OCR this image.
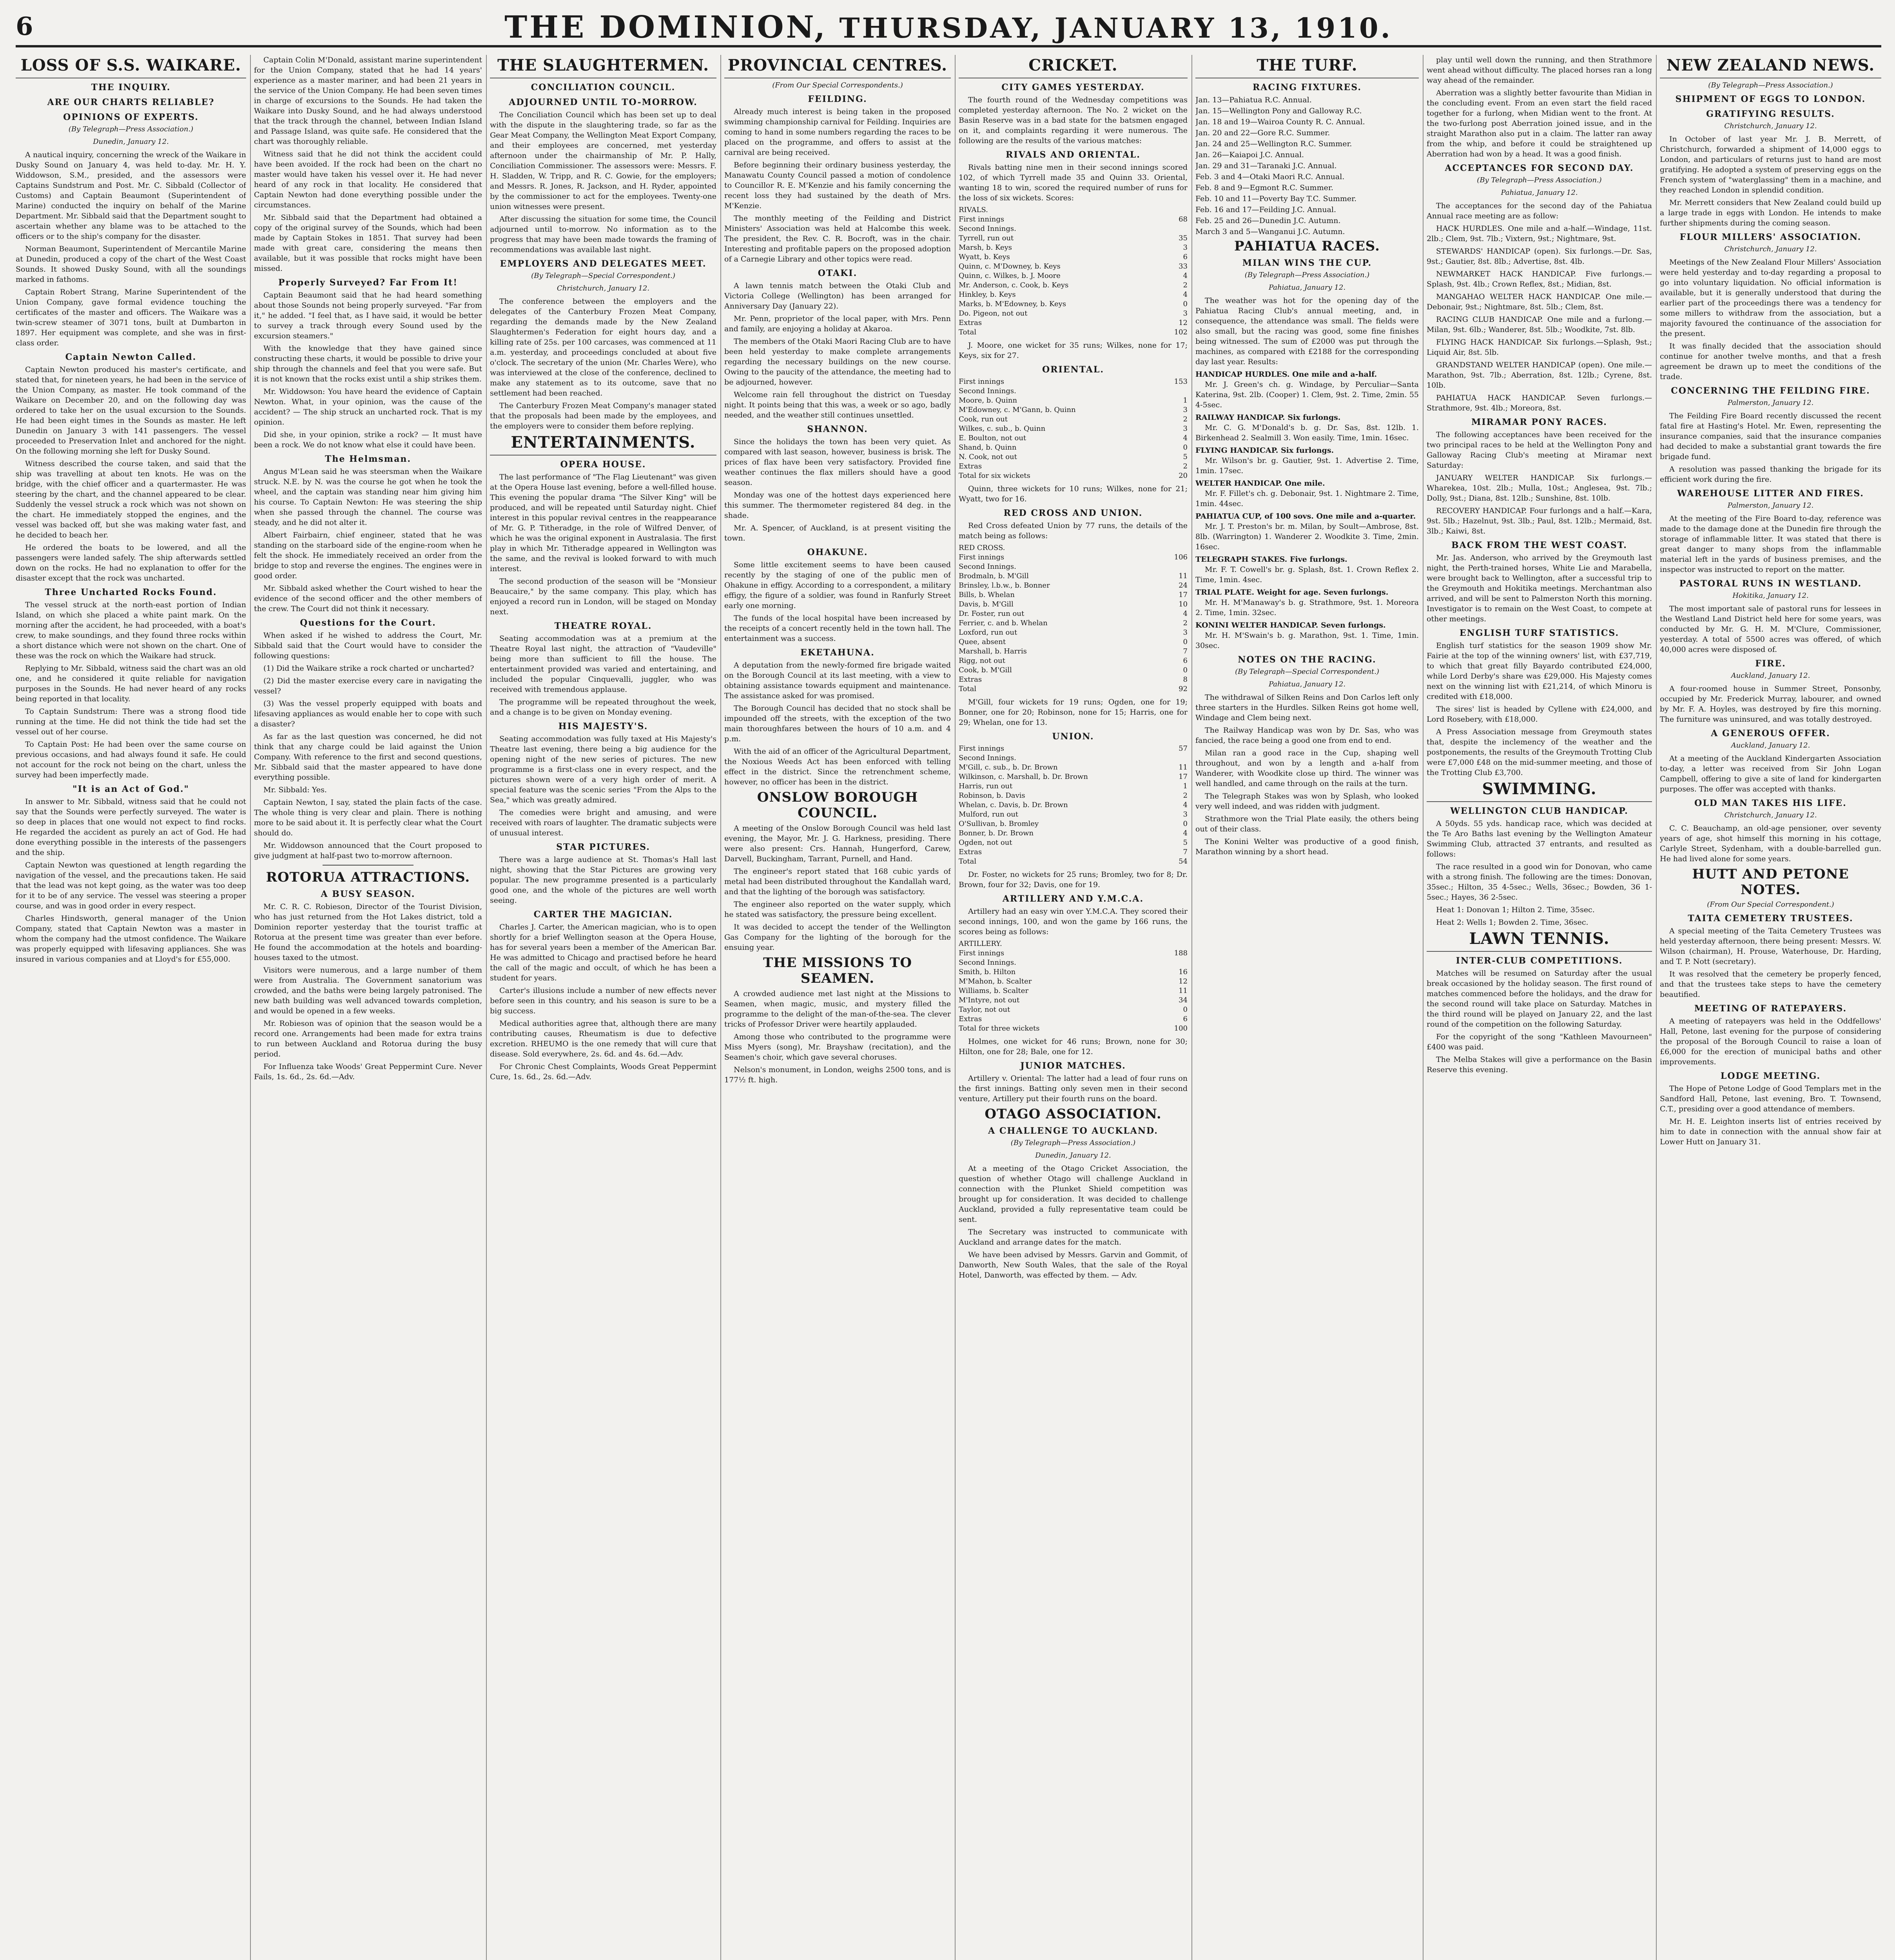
6	THE DOMINION, THURSDAY, JANUARY 13, 1910.
LOSS OF S.S. WAIKARE.
THE INQUIRY.
ARE OUR CHARTS RELIABLE?
OPINIONS OF EXPERTS.
(By Telegraph—Press Association.)
Dunedin, January 12.

A nautical inquiry, concerning the wreck of the Waikare in Dusky Sound on January 4, was held to-day. Mr. H. Y. Widdowson, S.M., presided, and the assessors were Captains Sundstrum and Post. Mr. C. Sibbald (Collector of Customs) and Captain Beaumont (Superintendent of Marine) conducted the inquiry on behalf of the Marine Department. Mr. Sibbald said that the Department sought to ascertain whether any blame was to be attached to the officers or to the ship's company for the disaster.

Norman Beaumont, Superintendent of Mercantile Marine at Dunedin, produced a copy of the chart of the West Coast Sounds. It showed Dusky Sound, with all the soundings marked in fathoms.

Captain Robert Strang, Marine Superintendent of the Union Company, gave formal evidence touching the certificates of the master and officers. The Waikare was a twin-screw steamer of 3071 tons, built at Dumbarton in 1897. Her equipment was complete, and she was in first-class order.

Captain Newton Called.

Captain Newton produced his master's certificate, and stated that, for nineteen years, he had been in the service of the Union Company, as master. He took command of the Waikare on December 20, and on the following day was ordered to take her on the usual excursion to the Sounds. He had been eight times in the Sounds as master. He left Dunedin on January 3 with 141 passengers. The vessel proceeded to Preservation Inlet and anchored for the night. On the following morning she left for Dusky Sound.

Witness described the course taken, and said that the ship was travelling at about ten knots. He was on the bridge, with the chief officer and a quartermaster. He was steering by the chart, and the channel appeared to be clear. Suddenly the vessel struck a rock which was not shown on the chart. He immediately stopped the engines, and the vessel was backed off, but she was making water fast, and he decided to beach her.

He ordered the boats to be lowered, and all the passengers were landed safely. The ship afterwards settled down on the rocks. He had no explanation to offer for the disaster except that the rock was uncharted.

Three Uncharted Rocks Found.

The vessel struck at the north-east portion of Indian Island, on which she placed a white paint mark. On the morning after the accident, he had proceeded, with a boat's crew, to make soundings, and they found three rocks within a short distance which were not shown on the chart. One of these was the rock on which the Waikare had struck.

Replying to Mr. Sibbald, witness said the chart was an old one, and he considered it quite reliable for navigation purposes in the Sounds. He had never heard of any rocks being reported in that locality.

To Captain Sundstrum: There was a strong flood tide running at the time. He did not think the tide had set the vessel out of her course.

To Captain Post: He had been over the same course on previous occasions, and had always found it safe. He could not account for the rock not being on the chart, unless the survey had been imperfectly made.

"It is an Act of God."

In answer to Mr. Sibbald, witness said that he could not say that the Sounds were perfectly surveyed. The water is so deep in places that one would not expect to find rocks. He regarded the accident as purely an act of God. He had done everything possible in the interests of the passengers and the ship.

Captain Newton was questioned at length regarding the navigation of the vessel, and the precautions taken. He said that the lead was not kept going, as the water was too deep for it to be of any service. The vessel was steering a proper course, and was in good order in every respect.

Charles Hindsworth, general manager of the Union Company, stated that Captain Newton was a master in whom the company had the utmost confidence. The Waikare was properly equipped with lifesaving appliances. She was insured in various companies and at Lloyd's for £55,000.

Captain Colin M'Donald, assistant marine superintendent for the Union Company, stated that he had 14 years' experience as a master mariner, and had been 21 years in the service of the Union Company. He had been seven times in charge of excursions to the Sounds. He had taken the Waikare into Dusky Sound, and he had always understood that the track through the channel, between Indian Island and Passage Island, was quite safe. He considered that the chart was thoroughly reliable.

Witness said that he did not think the accident could have been avoided. If the rock had been on the chart no master would have taken his vessel over it. He had never heard of any rock in that locality. He considered that Captain Newton had done everything possible under the circumstances.

Mr. Sibbald said that the Department had obtained a copy of the original survey of the Sounds, which had been made by Captain Stokes in 1851. That survey had been made with great care, considering the means then available, but it was possible that rocks might have been missed.

Properly Surveyed? Far From It!

Captain Beaumont said that he had heard something about those Sounds not being properly surveyed. "Far from it," he added. "I feel that, as I have said, it would be better to survey a track through every Sound used by the excursion steamers."

With the knowledge that they have gained since constructing these charts, it would be possible to drive your ship through the channels and feel that you were safe. But it is not known that the rocks exist until a ship strikes them.

Mr. Widdowson: You have heard the evidence of Captain Newton. What, in your opinion, was the cause of the accident? — The ship struck an uncharted rock. That is my opinion.

Did she, in your opinion, strike a rock? — It must have been a rock. We do not know what else it could have been.

The Helmsman.

Angus M'Lean said he was steersman when the Waikare struck. N.E. by N. was the course he got when he took the wheel, and the captain was standing near him giving him his course. To Captain Newton: He was steering the ship when she passed through the channel. The course was steady, and he did not alter it.

Albert Fairbairn, chief engineer, stated that he was standing on the starboard side of the engine-room when he felt the shock. He immediately received an order from the bridge to stop and reverse the engines. The engines were in good order.

Mr. Sibbald asked whether the Court wished to hear the evidence of the second officer and the other members of the crew. The Court did not think it necessary.

Questions for the Court.

When asked if he wished to address the Court, Mr. Sibbald said that the Court would have to consider the following questions:

(1) Did the Waikare strike a rock charted or uncharted?

(2) Did the master exercise every care in navigating the vessel?

(3) Was the vessel properly equipped with boats and lifesaving appliances as would enable her to cope with such a disaster?

As far as the last question was concerned, he did not think that any charge could be laid against the Union Company. With reference to the first and second questions, Mr. Sibbald said that the master appeared to have done everything possible.

Mr. Sibbald: Yes.

Captain Newton, I say, stated the plain facts of the case. The whole thing is very clear and plain. There is nothing more to be said about it. It is perfectly clear what the Court should do.

Mr. Widdowson announced that the Court proposed to give judgment at half-past two to-morrow afternoon.

ROTORUA ATTRACTIONS.
A BUSY SEASON.

Mr. C. R. C. Robieson, Director of the Tourist Division, who has just returned from the Hot Lakes district, told a Dominion reporter yesterday that the tourist traffic at Rotorua at the present time was greater than ever before. He found the accommodation at the hotels and boarding-houses taxed to the utmost.

Visitors were numerous, and a large number of them were from Australia. The Government sanatorium was crowded, and the baths were being largely patronised. The new bath building was well advanced towards completion, and would be opened in a few weeks.

Mr. Robieson was of opinion that the season would be a record one. Arrangements had been made for extra trains to run between Auckland and Rotorua during the busy period.

For Influenza take Woods' Great Peppermint Cure. Never Fails, 1s. 6d., 2s. 6d.—Adv.

THE SLAUGHTERMEN.
CONCILIATION COUNCIL.
ADJOURNED UNTIL TO-MORROW.

The Conciliation Council which has been set up to deal with the dispute in the slaughtering trade, so far as the Gear Meat Company, the Wellington Meat Export Company, and their employees are concerned, met yesterday afternoon under the chairmanship of Mr. P. Hally, Conciliation Commissioner. The assessors were: Messrs. F. H. Sladden, W. Tripp, and R. C. Gowie, for the employers; and Messrs. R. Jones, R. Jackson, and H. Ryder, appointed by the commissioner to act for the employees. Twenty-one union witnesses were present.

After discussing the situation for some time, the Council adjourned until to-morrow. No information as to the progress that may have been made towards the framing of recommendations was available last night.

EMPLOYERS AND DELEGATES MEET.
(By Telegraph—Special Correspondent.)
Christchurch, January 12.

The conference between the employers and the delegates of the Canterbury Frozen Meat Company, regarding the demands made by the New Zealand Slaughtermen's Federation for eight hours day, and a killing rate of 25s. per 100 carcases, was commenced at 11 a.m. yesterday, and proceedings concluded at about five o'clock. The secretary of the union (Mr. Charles Were), who was interviewed at the close of the conference, declined to make any statement as to its outcome, save that no settlement had been reached.

The Canterbury Frozen Meat Company's manager stated that the proposals had been made by the employees, and the employers were to consider them before replying.

ENTERTAINMENTS.
OPERA HOUSE.

The last performance of "The Flag Lieutenant" was given at the Opera House last evening, before a well-filled house. This evening the popular drama "The Silver King" will be produced, and will be repeated until Saturday night. Chief interest in this popular revival centres in the reappearance of Mr. G. P. Titheradge, in the role of Wilfred Denver, of which he was the original exponent in Australasia. The first play in which Mr. Titheradge appeared in Wellington was the same, and the revival is looked forward to with much interest.

The second production of the season will be "Monsieur Beaucaire," by the same company. This play, which has enjoyed a record run in London, will be staged on Monday next.

THEATRE ROYAL.

Seating accommodation was at a premium at the Theatre Royal last night, the attraction of "Vaudeville" being more than sufficient to fill the house. The entertainment provided was varied and entertaining, and included the popular Cinquevalli, juggler, who was received with tremendous applause.

The programme will be repeated throughout the week, and a change is to be given on Monday evening.

HIS MAJESTY'S.

Seating accommodation was fully taxed at His Majesty's Theatre last evening, there being a big audience for the opening night of the new series of pictures. The new programme is a first-class one in every respect, and the pictures shown were of a very high order of merit. A special feature was the scenic series "From the Alps to the Sea," which was greatly admired.

The comedies were bright and amusing, and were received with roars of laughter. The dramatic subjects were of unusual interest.

STAR PICTURES.

There was a large audience at St. Thomas's Hall last night, showing that the Star Pictures are growing very popular. The new programme presented is a particularly good one, and the whole of the pictures are well worth seeing.

CARTER THE MAGICIAN.

Charles J. Carter, the American magician, who is to open shortly for a brief Wellington season at the Opera House, has for several years been a member of the American Bar. He was admitted to Chicago and practised before he heard the call of the magic and occult, of which he has been a student for years.

Carter's illusions include a number of new effects never before seen in this country, and his season is sure to be a big success.

Medical authorities agree that, although there are many contributing causes, Rheumatism is due to defective excretion. RHEUMO is the one remedy that will cure that disease. Sold everywhere, 2s. 6d. and 4s. 6d.—Adv.

For Chronic Chest Complaints, Woods Great Peppermint Cure, 1s. 6d., 2s. 6d.—Adv.

PROVINCIAL CENTRES.
(From Our Special Correspondents.)
FEILDING.

Already much interest is being taken in the proposed swimming championship carnival for Feilding. Inquiries are coming to hand in some numbers regarding the races to be placed on the programme, and offers to assist at the carnival are being received.

Before beginning their ordinary business yesterday, the Manawatu County Council passed a motion of condolence to Councillor R. E. M'Kenzie and his family concerning the recent loss they had sustained by the death of Mrs. M'Kenzie.

The monthly meeting of the Feilding and District Ministers' Association was held at Halcombe this week. The president, the Rev. C. R. Bocroft, was in the chair. Interesting and profitable papers on the proposed adoption of a Carnegie Library and other topics were read.

OTAKI.

A lawn tennis match between the Otaki Club and Victoria College (Wellington) has been arranged for Anniversary Day (January 22).

Mr. Penn, proprietor of the local paper, with Mrs. Penn and family, are enjoying a holiday at Akaroa.

The members of the Otaki Maori Racing Club are to have been held yesterday to make complete arrangements regarding the necessary buildings on the new course. Owing to the paucity of the attendance, the meeting had to be adjourned, however.

Welcome rain fell throughout the district on Tuesday night. It points being that this was, a week or so ago, badly needed, and the weather still continues unsettled.

SHANNON.

Since the holidays the town has been very quiet. As compared with last season, however, business is brisk. The prices of flax have been very satisfactory. Provided fine weather continues the flax millers should have a good season.

Monday was one of the hottest days experienced here this summer. The thermometer registered 84 deg. in the shade.

Mr. A. Spencer, of Auckland, is at present visiting the town.

OHAKUNE.

Some little excitement seems to have been caused recently by the staging of one of the public men of Ohakune in effigy. According to a correspondent, a military effigy, the figure of a soldier, was found in Ranfurly Street early one morning.

The funds of the local hospital have been increased by the receipts of a concert recently held in the town hall. The entertainment was a success.

EKETAHUNA.

A deputation from the newly-formed fire brigade waited on the Borough Council at its last meeting, with a view to obtaining assistance towards equipment and maintenance. The assistance asked for was promised.

The Borough Council has decided that no stock shall be impounded off the streets, with the exception of the two main thoroughfares between the hours of 10 a.m. and 4 p.m.

With the aid of an officer of the Agricultural Department, the Noxious Weeds Act has been enforced with telling effect in the district. Since the retrenchment scheme, however, no officer has been in the district.

ONSLOW BOROUGH COUNCIL.

A meeting of the Onslow Borough Council was held last evening, the Mayor, Mr. J. G. Harkness, presiding. There were also present: Crs. Hannah, Hungerford, Carew, Darvell, Buckingham, Tarrant, Purnell, and Hand.

The engineer's report stated that 168 cubic yards of metal had been distributed throughout the Kandallah ward, and that the lighting of the borough was satisfactory.

The engineer also reported on the water supply, which he stated was satisfactory, the pressure being excellent.

It was decided to accept the tender of the Wellington Gas Company for the lighting of the borough for the ensuing year.

THE MISSIONS TO SEAMEN.

A crowded audience met last night at the Missions to Seamen, when magic, music, and mystery filled the programme to the delight of the man-of-the-sea. The clever tricks of Professor Driver were heartily applauded.

Among those who contributed to the programme were Miss Myers (song), Mr. Brayshaw (recitation), and the Seamen's choir, which gave several choruses.

Nelson's monument, in London, weighs 2500 tons, and is 177½ ft. high.

CRICKET.
CITY GAMES YESTERDAY.

The fourth round of the Wednesday competitions was completed yesterday afternoon. The No. 2 wicket on the Basin Reserve was in a bad state for the batsmen engaged on it, and complaints regarding it were numerous. The following are the results of the various matches:

RIVALS AND ORIENTAL.

Rivals batting nine men in their second innings scored 102, of which Tyrrell made 35 and Quinn 33. Oriental, wanting 18 to win, scored the required number of runs for the loss of six wickets. Scores:

RIVALS.	
First innings	68
Second Innings.	
Tyrrell, run out	35
Marsh, b. Keys	3
Wyatt, b. Keys	6
Quinn, c. M'Downey, b. Keys	33
Quinn, c. Wilkes, b. J. Moore	4
Mr. Anderson, c. Cook, b. Keys	2
Hinkley, b. Keys	4
Marks, b. M'Edowney, b. Keys	0
Do. Pigeon, not out	3
Extras	12
Total	102

J. Moore, one wicket for 35 runs; Wilkes, none for 17; Keys, six for 27.

ORIENTAL.
First innings	153
Second Innings.	
Moore, b. Quinn	1
M'Edowney, c. M'Gann, b. Quinn	3
Cook, run out	2
Wilkes, c. sub., b. Quinn	3
E. Boulton, not out	4
Shand, b. Quinn	0
N. Cook, not out	5
Extras	2
Total for six wickets	20

Quinn, three wickets for 10 runs; Wilkes, none for 21; Wyatt, two for 16.

RED CROSS AND UNION.

Red Cross defeated Union by 77 runs, the details of the match being as follows:

RED CROSS.	
First innings	106
Second Innings.	
Brodmaln, b. M'Gill	11
Brinsley, l.b.w., b. Bonner	24
Bills, b. Whelan	17
Davis, b. M'Gill	10
Dr. Foster, run out	4
Ferrier, c. and b. Whelan	2
Loxford, run out	3
Quee, absent	0
Marshall, b. Harris	7
Rigg, not out	6
Cook, b. M'Gill	0
Extras	8
Total	92

M'Gill, four wickets for 19 runs; Ogden, one for 19; Bonner, one for 20; Robinson, none for 15; Harris, one for 29; Whelan, one for 13.

UNION.
First innings	57
Second Innings.	
M'Gill, c. sub., b. Dr. Brown	11
Wilkinson, c. Marshall, b. Dr. Brown	17
Harris, run out	1
Robinson, b. Davis	2
Whelan, c. Davis, b. Dr. Brown	4
Mulford, run out	3
O'Sullivan, b. Bromley	0
Bonner, b. Dr. Brown	4
Ogden, not out	5
Extras	7
Total	54

Dr. Foster, no wickets for 25 runs; Bromley, two for 8; Dr. Brown, four for 32; Davis, one for 19.

ARTILLERY AND Y.M.C.A.

Artillery had an easy win over Y.M.C.A. They scored their second innings, 100, and won the game by 166 runs, the scores being as follows:

ARTILLERY.	
First innings	188
Second Innings.	
Smith, b. Hilton	16
M'Mahon, b. Scalter	12
Williams, b. Scalter	11
M'Intyre, not out	34
Taylor, not out	0
Extras	6
Total for three wickets	100

Holmes, one wicket for 46 runs; Brown, none for 30; Hilton, one for 28; Bale, one for 12.

JUNIOR MATCHES.

Artillery v. Oriental: The latter had a lead of four runs on the first innings. Batting only seven men in their second venture, Artillery put their fourth runs on the board.

OTAGO ASSOCIATION.
A CHALLENGE TO AUCKLAND.
(By Telegraph—Press Association.)
Dunedin, January 12.

At a meeting of the Otago Cricket Association, the question of whether Otago will challenge Auckland in connection with the Plunket Shield competition was brought up for consideration. It was decided to challenge Auckland, provided a fully representative team could be sent.

The Secretary was instructed to communicate with Auckland and arrange dates for the match.

We have been advised by Messrs. Garvin and Gommit, of Danworth, New South Wales, that the sale of the Royal Hotel, Danworth, was effected by them. — Adv.

THE TURF.
RACING FIXTURES.
Jan. 13—Pahiatua R.C. Annual.
Jan. 15—Wellington Pony and Galloway R.C.
Jan. 18 and 19—Wairoa County R. C. Annual.
Jan. 20 and 22—Gore R.C. Summer.
Jan. 24 and 25—Wellington R.C. Summer.
Jan. 26—Kaiapoi J.C. Annual.
Jan. 29 and 31—Taranaki J.C. Annual.
Feb. 3 and 4—Otaki Maori R.C. Annual.
Feb. 8 and 9—Egmont R.C. Summer.
Feb. 10 and 11—Poverty Bay T.C. Summer.
Feb. 16 and 17—Feilding J.C. Annual.
Feb. 25 and 26—Dunedin J.C. Autumn.
March 3 and 5—Wanganui J.C. Autumn.
PAHIATUA RACES.
MILAN WINS THE CUP.
(By Telegraph—Press Association.)
Pahiatua, January 12.

The weather was hot for the opening day of the Pahiatua Racing Club's annual meeting, and, in consequence, the attendance was small. The fields were also small, but the racing was good, some fine finishes being witnessed. The sum of £2000 was put through the machines, as compared with £2188 for the corresponding day last year. Results:

HANDICAP HURDLES. One mile and a-half.

Mr. J. Green's ch. g. Windage, by Perculiar—Santa Katerina, 9st. 2lb. (Cooper) 1. Clem, 9st. 2. Time, 2min. 55 4-5sec.

RAILWAY HANDICAP. Six furlongs.

Mr. C. G. M'Donald's b. g. Dr. Sas, 8st. 12lb. 1. Birkenhead 2. Sealmill 3. Won easily. Time, 1min. 16sec.

FLYING HANDICAP. Six furlongs.

Mr. Wilson's br. g. Gautier, 9st. 1. Advertise 2. Time, 1min. 17sec.

WELTER HANDICAP. One mile.

Mr. F. Fillet's ch. g. Debonair, 9st. 1. Nightmare 2. Time, 1min. 44sec.

PAHIATUA CUP, of 100 sovs. One mile and a-quarter.

Mr. J. T. Preston's br. m. Milan, by Soult—Ambrose, 8st. 8lb. (Warrington) 1. Wanderer 2. Woodkite 3. Time, 2min. 16sec.

TELEGRAPH STAKES. Five furlongs.

Mr. F. T. Cowell's br. g. Splash, 8st. 1. Crown Reflex 2. Time, 1min. 4sec.

TRIAL PLATE. Weight for age. Seven furlongs.

Mr. H. M'Manaway's b. g. Strathmore, 9st. 1. Moreora 2. Time, 1min. 32sec.

KONINI WELTER HANDICAP. Seven furlongs.

Mr. H. M'Swain's b. g. Marathon, 9st. 1. Time, 1min. 30sec.

NOTES ON THE RACING.
(By Telegraph—Special Correspondent.)
Pahiatua, January 12.

The withdrawal of Silken Reins and Don Carlos left only three starters in the Hurdles. Silken Reins got home well, Windage and Clem being next.

The Railway Handicap was won by Dr. Sas, who was fancied, the race being a good one from end to end.

Milan ran a good race in the Cup, shaping well throughout, and won by a length and a-half from Wanderer, with Woodkite close up third. The winner was well handled, and came through on the rails at the turn.

The Telegraph Stakes was won by Splash, who looked very well indeed, and was ridden with judgment.

Strathmore won the Trial Plate easily, the others being out of their class.

The Konini Welter was productive of a good finish, Marathon winning by a short head.

play until well down the running, and then Strathmore went ahead without difficulty. The placed horses ran a long way ahead of the remainder.

Aberration was a slightly better favourite than Midian in the concluding event. From an even start the field raced together for a furlong, when Midian went to the front. At the two-furlong post Aberration joined issue, and in the straight Marathon also put in a claim. The latter ran away from the whip, and before it could be straightened up Aberration had won by a head. It was a good finish.

ACCEPTANCES FOR SECOND DAY.
(By Telegraph—Press Association.)
Pahiatua, January 12.

The acceptances for the second day of the Pahiatua Annual race meeting are as follow:

HACK HURDLES. One mile and a-half.—Windage, 11st. 2lb.; Clem, 9st. 7lb.; Vixtern, 9st.; Nightmare, 9st.

STEWARDS' HANDICAP (open). Six furlongs.—Dr. Sas, 9st.; Gautier, 8st. 8lb.; Advertise, 8st. 4lb.

NEWMARKET HACK HANDICAP. Five furlongs.—Splash, 9st. 4lb.; Crown Reflex, 8st.; Midian, 8st.

MANGAHAO WELTER HACK HANDICAP. One mile.—Debonair, 9st.; Nightmare, 8st. 5lb.; Clem, 8st.

RACING CLUB HANDICAP. One mile and a furlong.—Milan, 9st. 6lb.; Wanderer, 8st. 5lb.; Woodkite, 7st. 8lb.

FLYING HACK HANDICAP. Six furlongs.—Splash, 9st.; Liquid Air, 8st. 5lb.

GRANDSTAND WELTER HANDICAP (open). One mile.—Marathon, 9st. 7lb.; Aberration, 8st. 12lb.; Cyrene, 8st. 10lb.

PAHIATUA HACK HANDICAP. Seven furlongs.—Strathmore, 9st. 4lb.; Moreora, 8st.

MIRAMAR PONY RACES.

The following acceptances have been received for the two principal races to be held at the Wellington Pony and Galloway Racing Club's meeting at Miramar next Saturday:

JANUARY WELTER HANDICAP. Six furlongs.—Wharekea, 10st. 2lb.; Mulla, 10st.; Anglesea, 9st. 7lb.; Dolly, 9st.; Diana, 8st. 12lb.; Sunshine, 8st. 10lb.

RECOVERY HANDICAP. Four furlongs and a half.—Kara, 9st. 5lb.; Hazelnut, 9st. 3lb.; Paul, 8st. 12lb.; Mermaid, 8st. 3lb.; Kaiwi, 8st.

BACK FROM THE WEST COAST.

Mr. Jas. Anderson, who arrived by the Greymouth last night, the Perth-trained horses, White Lie and Marabella, were brought back to Wellington, after a successful trip to the Greymouth and Hokitika meetings. Merchantman also arrived, and will be sent to Palmerston North this morning. Investigator is to remain on the West Coast, to compete at other meetings.

ENGLISH TURF STATISTICS.

English turf statistics for the season 1909 show Mr. Fairie at the top of the winning owners' list, with £37,719, to which that great filly Bayardo contributed £24,000, while Lord Derby's share was £29,000. His Majesty comes next on the winning list with £21,214, of which Minoru is credited with £18,000.

The sires' list is headed by Cyllene with £24,000, and Lord Rosebery, with £18,000.

A Press Association message from Greymouth states that, despite the inclemency of the weather and the postponements, the results of the Greymouth Trotting Club were £7,000 £48 on the mid-summer meeting, and those of the Trotting Club £3,700.

SWIMMING.
WELLINGTON CLUB HANDICAP.

A 50yds. 55 yds. handicap race, which was decided at the Te Aro Baths last evening by the Wellington Amateur Swimming Club, attracted 37 entrants, and resulted as follows:

The race resulted in a good win for Donovan, who came with a strong finish. The following are the times: Donovan, 35sec.; Hilton, 35 4-5sec.; Wells, 36sec.; Bowden, 36 1-5sec.; Hayes, 36 2-5sec.

Heat 1: Donovan 1; Hilton 2. Time, 35sec.

Heat 2: Wells 1; Bowden 2. Time, 36sec.

LAWN TENNIS.
INTER-CLUB COMPETITIONS.

Matches will be resumed on Saturday after the usual break occasioned by the holiday season. The first round of matches commenced before the holidays, and the draw for the second round will take place on Saturday. Matches in the third round will be played on January 22, and the last round of the competition on the following Saturday.

For the copyright of the song "Kathleen Mavourneen" £400 was paid.

The Melba Stakes will give a performance on the Basin Reserve this evening.

NEW ZEALAND NEWS.
(By Telegraph—Press Association.)
SHIPMENT OF EGGS TO LONDON.
GRATIFYING RESULTS.
Christchurch, January 12.

In October of last year Mr. J. B. Merrett, of Christchurch, forwarded a shipment of 14,000 eggs to London, and particulars of returns just to hand are most gratifying. He adopted a system of preserving eggs on the French system of "waterglassing" them in a machine, and they reached London in splendid condition.

Mr. Merrett considers that New Zealand could build up a large trade in eggs with London. He intends to make further shipments during the coming season.

FLOUR MILLERS' ASSOCIATION.
Christchurch, January 12.

Meetings of the New Zealand Flour Millers' Association were held yesterday and to-day regarding a proposal to go into voluntary liquidation. No official information is available, but it is generally understood that during the earlier part of the proceedings there was a tendency for some millers to withdraw from the association, but a majority favoured the continuance of the association for the present.

It was finally decided that the association should continue for another twelve months, and that a fresh agreement be drawn up to meet the conditions of the trade.

CONCERNING THE FEILDING FIRE.
Palmerston, January 12.

The Feilding Fire Board recently discussed the recent fatal fire at Hasting's Hotel. Mr. Ewen, representing the insurance companies, said that the insurance companies had decided to make a substantial grant towards the fire brigade fund.

A resolution was passed thanking the brigade for its efficient work during the fire.

WAREHOUSE LITTER AND FIRES.
Palmerston, January 12.

At the meeting of the Fire Board to-day, reference was made to the damage done at the Dunedin fire through the storage of inflammable litter. It was stated that there is great danger to many shops from the inflammable material left in the yards of business premises, and the inspector was instructed to report on the matter.

PASTORAL RUNS IN WESTLAND.
Hokitika, January 12.

The most important sale of pastoral runs for lessees in the Westland Land District held here for some years, was conducted by Mr. G. H. M. M'Clure, Commissioner, yesterday. A total of 5500 acres was offered, of which 40,000 acres were disposed of.

FIRE.
Auckland, January 12.

A four-roomed house in Summer Street, Ponsonby, occupied by Mr. Frederick Murray, labourer, and owned by Mr. F. A. Hoyles, was destroyed by fire this morning. The furniture was uninsured, and was totally destroyed.

A GENEROUS OFFER.
Auckland, January 12.

At a meeting of the Auckland Kindergarten Association to-day, a letter was received from Sir John Logan Campbell, offering to give a site of land for kindergarten purposes. The offer was accepted with thanks.

OLD MAN TAKES HIS LIFE.
Christchurch, January 12.

C. C. Beauchamp, an old-age pensioner, over seventy years of age, shot himself this morning in his cottage, Carlyle Street, Sydenham, with a double-barrelled gun. He had lived alone for some years.

HUTT AND PETONE NOTES.
(From Our Special Correspondent.)
TAITA CEMETERY TRUSTEES.

A special meeting of the Taita Cemetery Trustees was held yesterday afternoon, there being present: Messrs. W. Wilson (chairman), H. Prouse, Waterhouse, Dr. Harding, and T. P. Nott (secretary).

It was resolved that the cemetery be properly fenced, and that the trustees take steps to have the cemetery beautified.

MEETING OF RATEPAYERS.

A meeting of ratepayers was held in the Oddfellows' Hall, Petone, last evening for the purpose of considering the proposal of the Borough Council to raise a loan of £6,000 for the erection of municipal baths and other improvements.

LODGE MEETING.

The Hope of Petone Lodge of Good Templars met in the Sandford Hall, Petone, last evening, Bro. T. Townsend, C.T., presiding over a good attendance of members.

Mr. H. E. Leighton inserts list of entries received by him to date in connection with the annual show fair at Lower Hutt on January 31.
